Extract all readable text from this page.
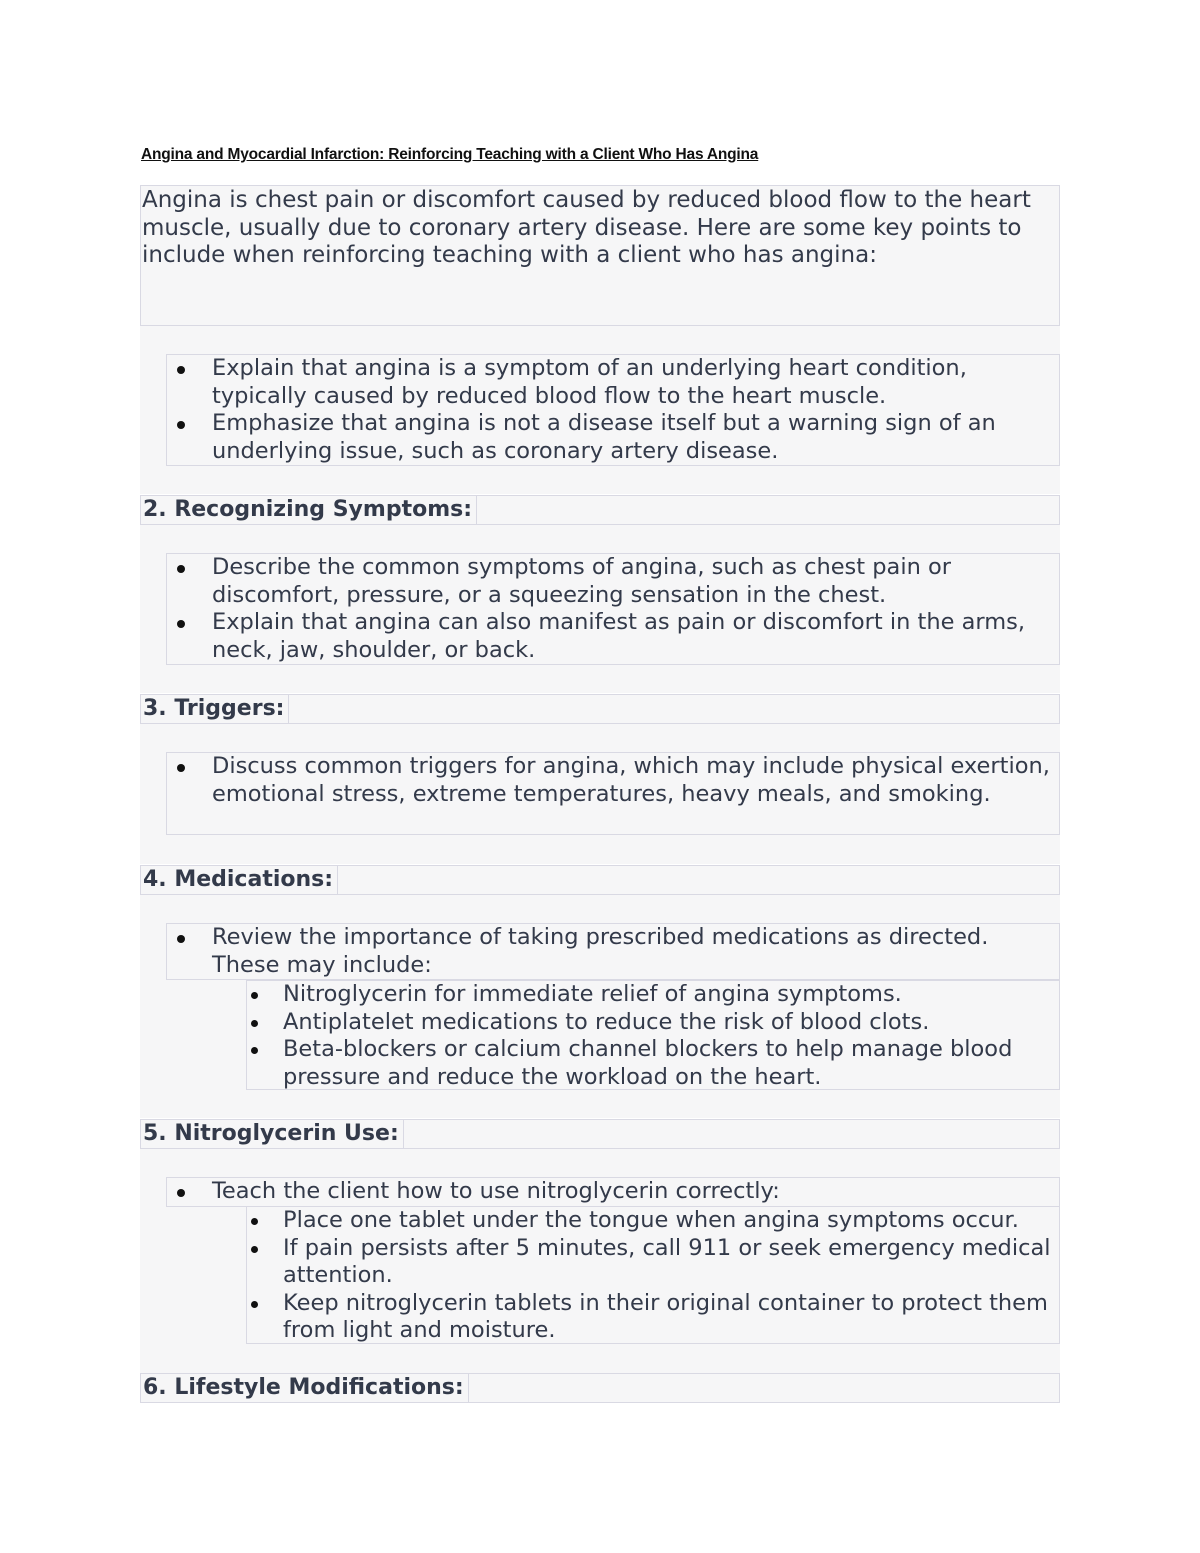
Angina and Myocardial Infarction: Reinforcing Teaching with a Client Who Has Angina
Angina is chest pain or discomfort caused by reduced blood flow to the heart muscle, usually due to coronary artery disease. Here are some key points to include when reinforcing teaching with a client who has angina:
Explain that angina is a symptom of an underlying heart condition, typically caused by reduced blood flow to the heart muscle.
Emphasize that angina is not a disease itself but a warning sign of an underlying issue, such as coronary artery disease.
2. Recognizing Symptoms:
Describe the common symptoms of angina, such as chest pain or discomfort, pressure, or a squeezing sensation in the chest.
Explain that angina can also manifest as pain or discomfort in the arms, neck, jaw, shoulder, or back.
3. Triggers:
Discuss common triggers for angina, which may include physical exertion, emotional stress, extreme temperatures, heavy meals, and smoking.
4. Medications:
Review the importance of taking prescribed medications as directed. These may include:
Nitroglycerin for immediate relief of angina symptoms.
Antiplatelet medications to reduce the risk of blood clots.
Beta-blockers or calcium channel blockers to help manage blood pressure and reduce the workload on the heart.
5. Nitroglycerin Use:
Teach the client how to use nitroglycerin correctly:
Place one tablet under the tongue when angina symptoms occur.
If pain persists after 5 minutes, call 911 or seek emergency medical attention.
Keep nitroglycerin tablets in their original container to protect them from light and moisture.
6. Lifestyle Modifications:
